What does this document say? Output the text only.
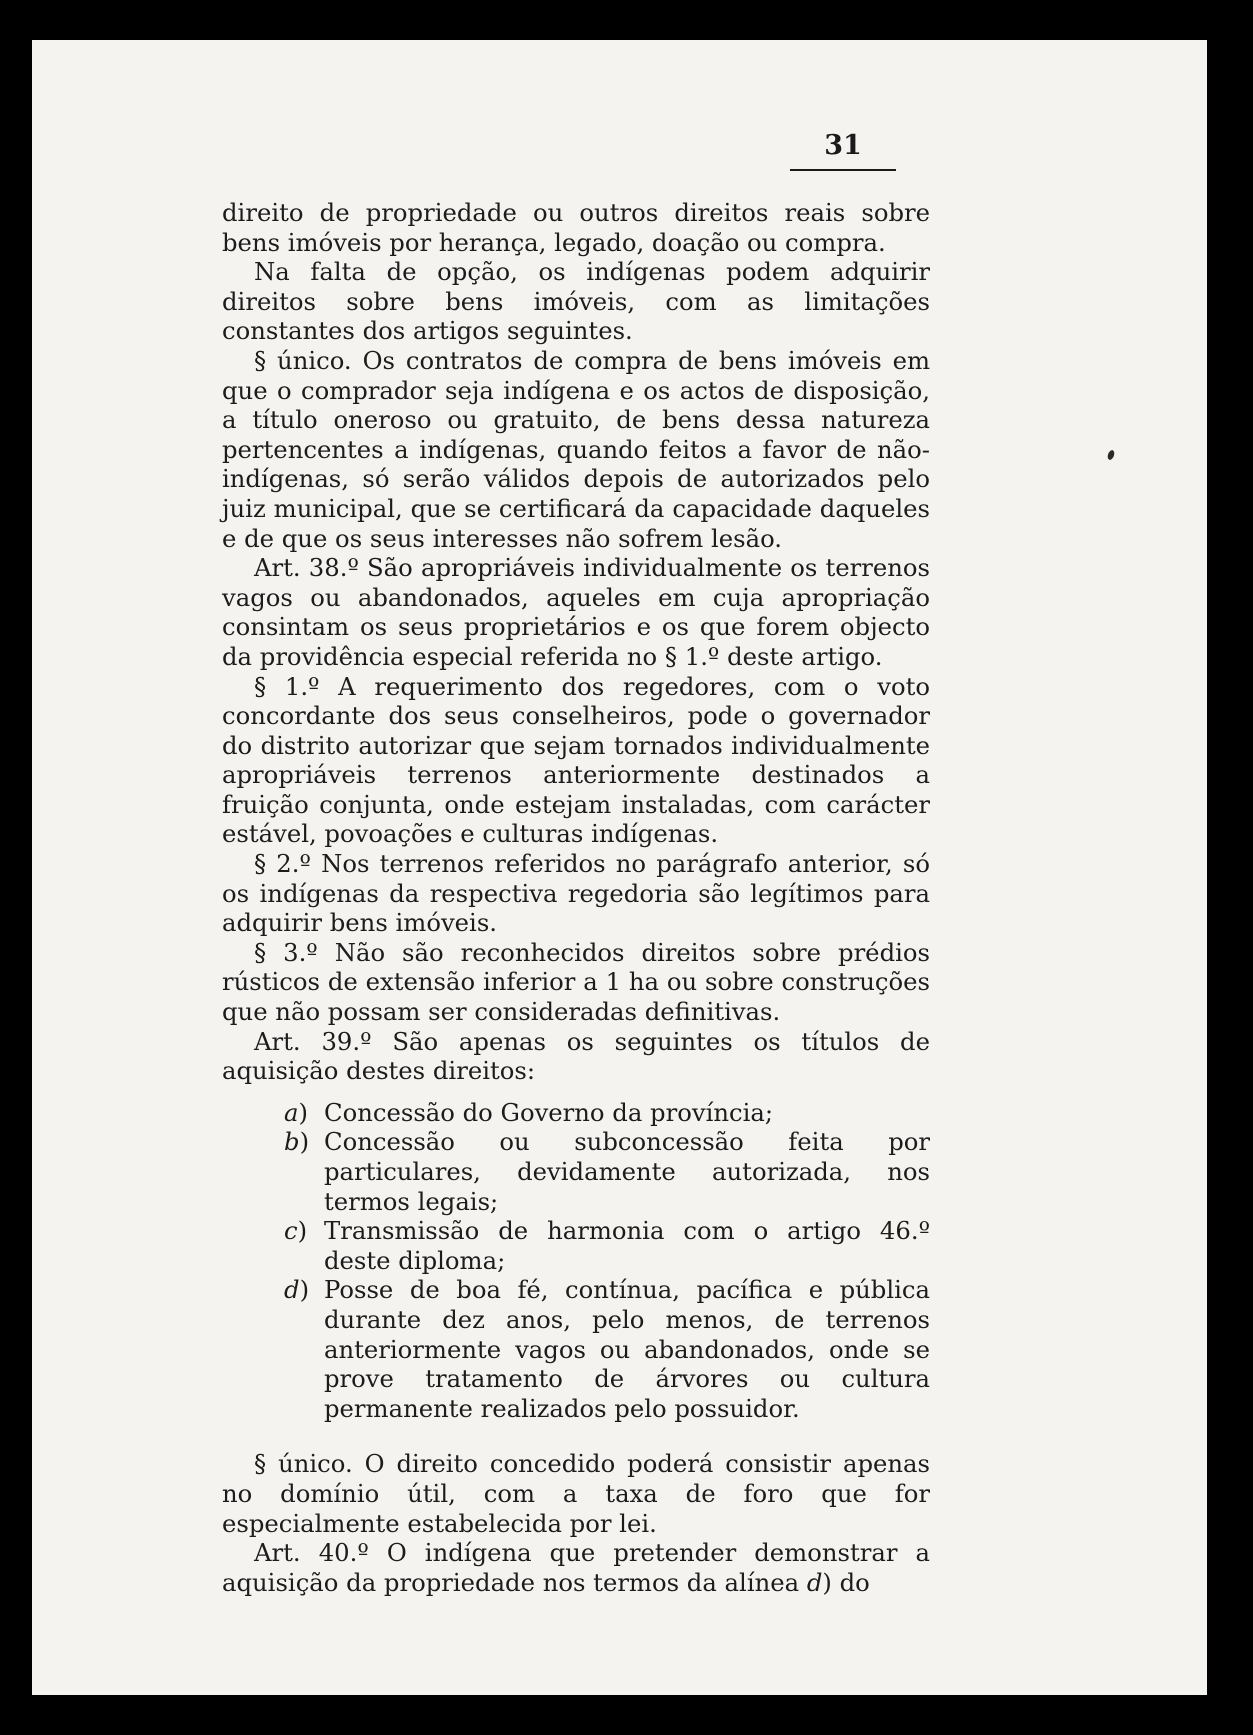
31

direito de propriedade ou outros direitos reais sobre bens imóveis por herança, legado, doação ou compra.

Na falta de opção, os indígenas podem adquirir direitos sobre bens imóveis, com as limitações constantes dos artigos seguintes.

§ único. Os contratos de compra de bens imóveis em que o comprador seja indígena e os actos de disposição, a título oneroso ou gratuito, de bens dessa natureza pertencentes a indígenas, quando feitos a favor de não-indígenas, só serão válidos depois de autorizados pelo juiz municipal, que se certificará da capacidade daqueles e de que os seus interesses não sofrem lesão.

Art. 38.º São apropriáveis individualmente os terrenos vagos ou abandonados, aqueles em cuja apropriação consintam os seus proprietários e os que forem objecto da providência especial referida no § 1.º deste artigo.

§ 1.º A requerimento dos regedores, com o voto concordante dos seus conselheiros, pode o governador do distrito autorizar que sejam tornados individualmente apropriáveis terrenos anteriormente destinados a fruição conjunta, onde estejam instaladas, com carácter estável, povoações e culturas indígenas.

§ 2.º Nos terrenos referidos no parágrafo anterior, só os indígenas da respectiva regedoria são legítimos para adquirir bens imóveis.

§ 3.º Não são reconhecidos direitos sobre prédios rústicos de extensão inferior a 1 ha ou sobre construções que não possam ser consideradas definitivas.

Art. 39.º São apenas os seguintes os títulos de aquisição destes direitos:

a) Concessão do Governo da província;
b) Concessão ou subconcessão feita por particulares, devidamente autorizada, nos termos legais;
c) Transmissão de harmonia com o artigo 46.º deste diploma;
d) Posse de boa fé, contínua, pacífica e pública durante dez anos, pelo menos, de terrenos anteriormente vagos ou abandonados, onde se prove tratamento de árvores ou cultura permanente realizados pelo possuidor.

§ único. O direito concedido poderá consistir apenas no domínio útil, com a taxa de foro que for especialmente estabelecida por lei.

Art. 40.º O indígena que pretender demonstrar a aquisição da propriedade nos termos da alínea d) do
